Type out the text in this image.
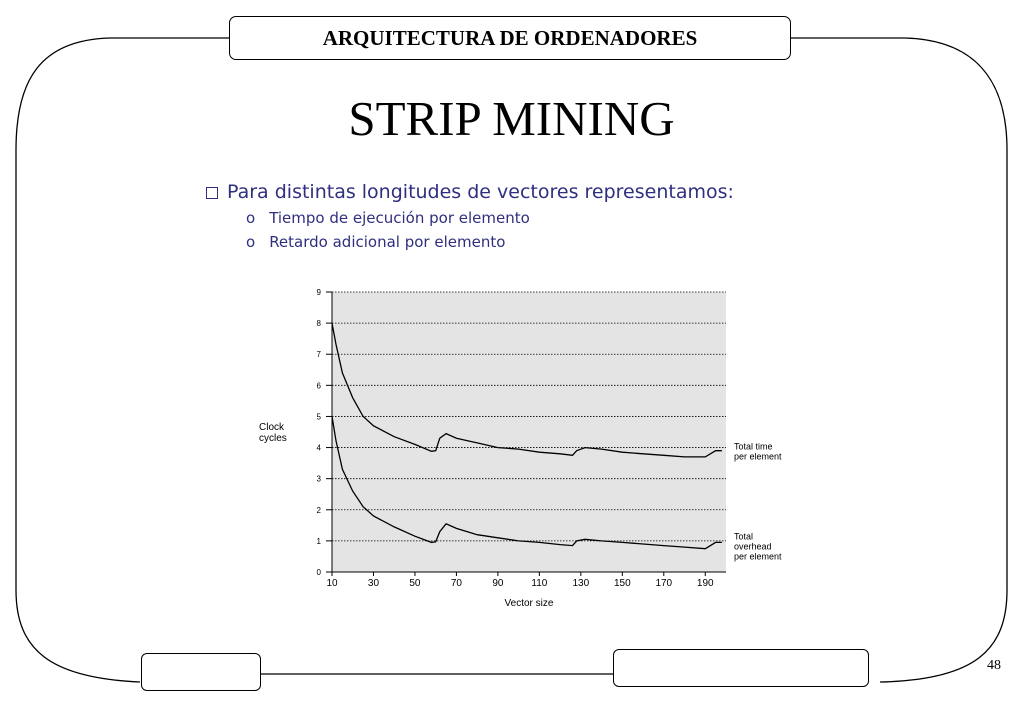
ARQUITECTURA DE ORDENADORES
STRIP MINING
Para distintas longitudes de vectores representamos:
o Tiempo de ejecución por elemento
o Retardo adicional por elemento
0
1
2
3
4
5
6
7
8
9
10	30	50	70	90	110	130 150 170 190
Clock cycles
Vector size
Total time per element
Total overhead per element
48
